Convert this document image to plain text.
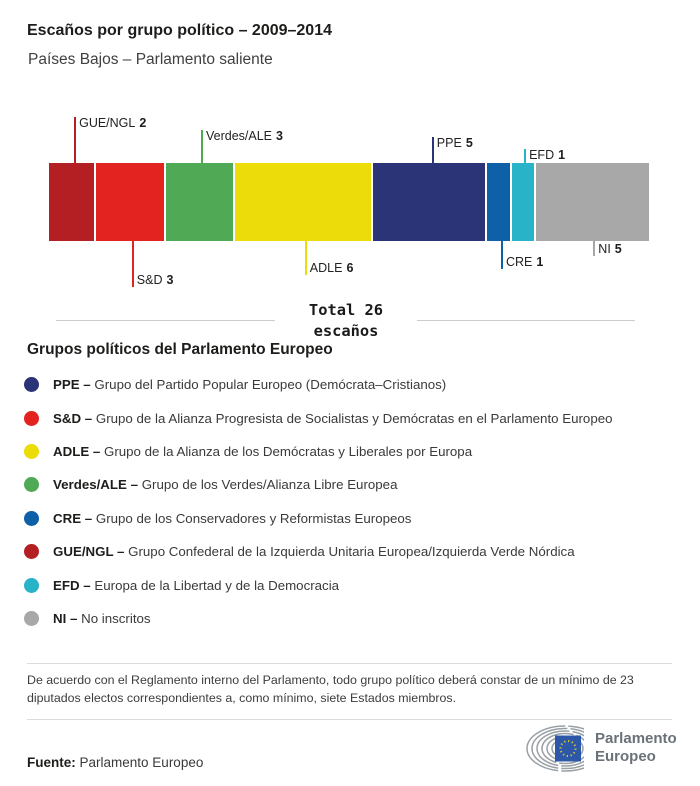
Escaños por grupo político – 2009–2014
Países Bajos – Parlamento saliente
GUE/NGL 2
S&D 3
Verdes/ALE 3
ADLE 6
PPE 5
CRE 1
EFD 1
NI 5
Total 26
escaños
Grupos políticos del Parlamento Europeo
PPE – Grupo del Partido Popular Europeo (Demócrata–Cristianos)
S&D – Grupo de la Alianza Progresista de Socialistas y Demócratas en el Parlamento Europeo
ADLE – Grupo de la Alianza de los Demócratas y Liberales por Europa
Verdes/ALE – Grupo de los Verdes/Alianza Libre Europea
CRE – Grupo de los Conservadores y Reformistas Europeos
GUE/NGL – Grupo Confederal de la Izquierda Unitaria Europea/Izquierda Verde Nórdica
EFD – Europa de la Libertad y de la Democracia
NI – No inscritos
De acuerdo con el Reglamento interno del Parlamento, todo grupo político deberá constar de un mínimo de 23
diputados electos correspondientes a, como mínimo, siete Estados miembros.
Fuente: Parlamento Europeo
Parlamento
Europeo
